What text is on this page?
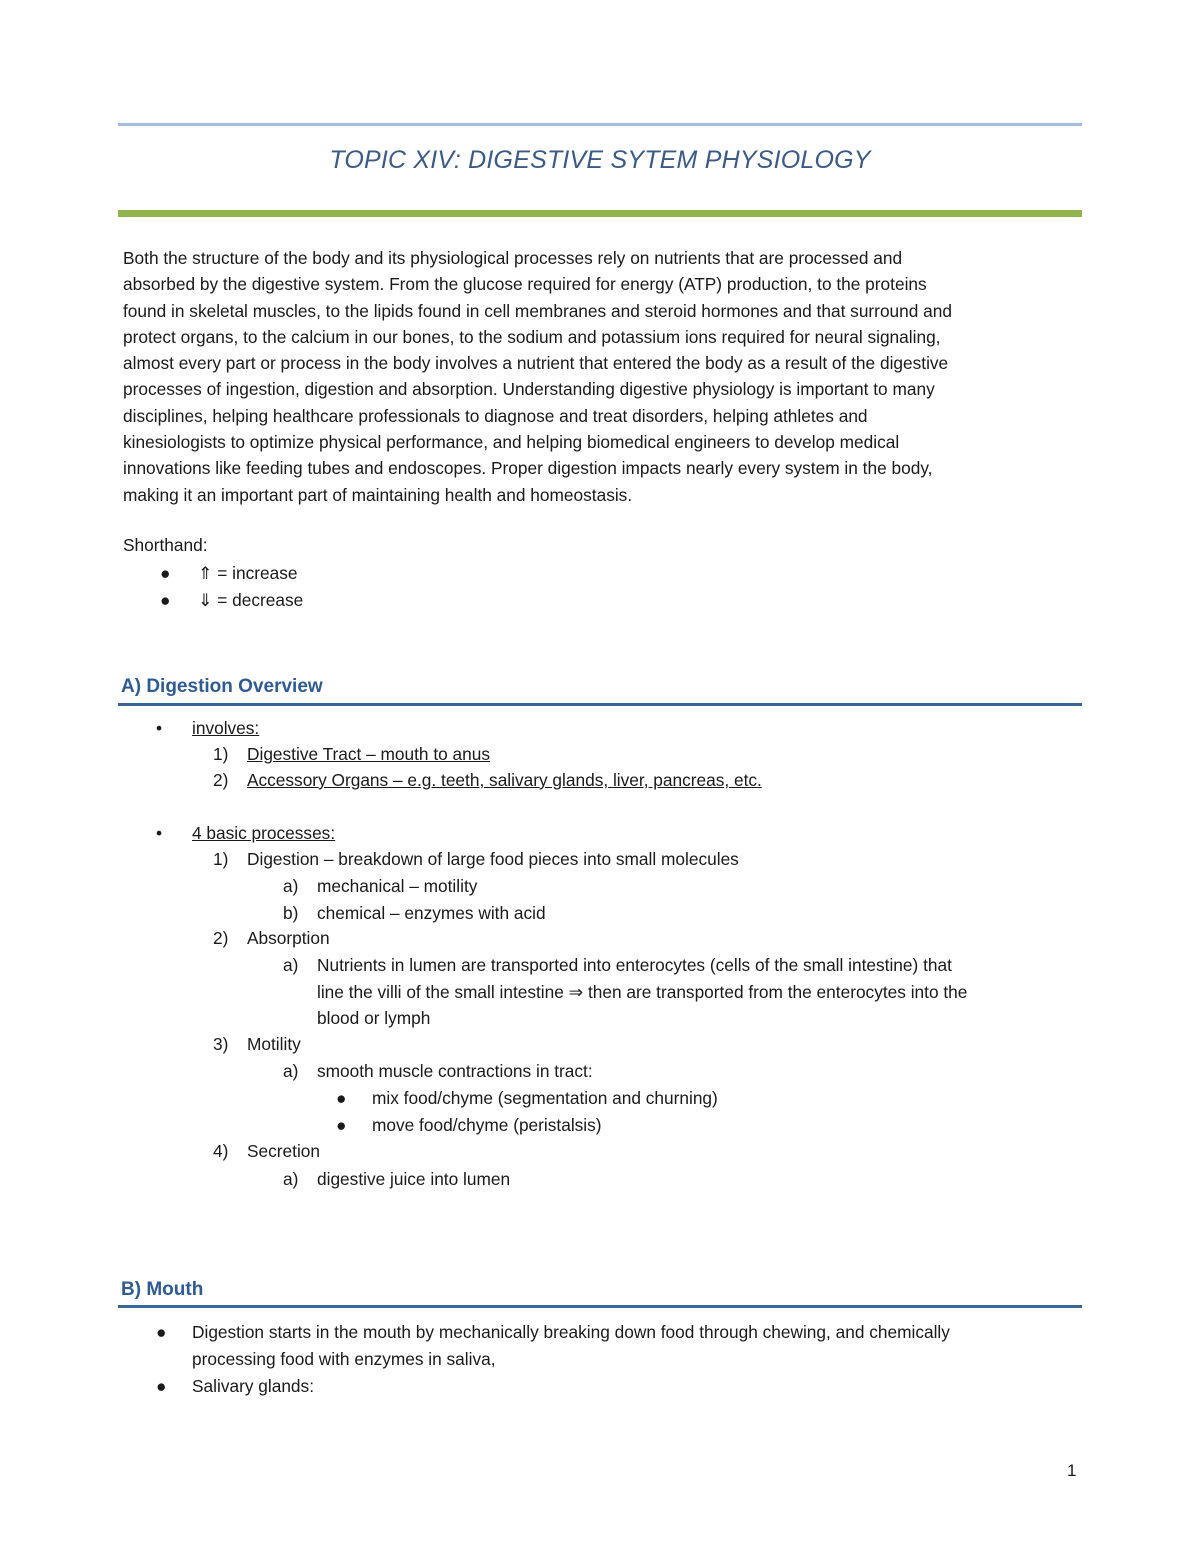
TOPIC XIV: DIGESTIVE SYTEM PHYSIOLOGY
Both the structure of the body and its physiological processes rely on nutrients that are processed and
absorbed by the digestive system. From the glucose required for energy (ATP) production, to the proteins
found in skeletal muscles, to the lipids found in cell membranes and steroid hormones and that surround and
protect organs, to the calcium in our bones, to the sodium and potassium ions required for neural signaling,
almost every part or process in the body involves a nutrient that entered the body as a result of the digestive
processes of ingestion, digestion and absorption. Understanding digestive physiology is important to many
disciplines, helping healthcare professionals to diagnose and treat disorders, helping athletes and
kinesiologists to optimize physical performance, and helping biomedical engineers to develop medical
innovations like feeding tubes and endoscopes. Proper digestion impacts nearly every system in the body,
making it an important part of maintaining health and homeostasis.
Shorthand:
●	⇑ = increase
●	⇓ = decrease
A) Digestion Overview
• involves:
1) Digestive Tract – mouth to anus
2) Accessory Organs – e.g. teeth, salivary glands, liver, pancreas, etc.
• 4 basic processes:
1) Digestion – breakdown of large food pieces into small molecules
a) mechanical – motility
b) chemical – enzymes with acid
2) Absorption
a) Nutrients in lumen are transported into enterocytes (cells of the small intestine) that
line the villi of the small intestine ⇒ then are transported from the enterocytes into the
blood or lymph
3) Motility
a) smooth muscle contractions in tract:
● mix food/chyme (segmentation and churning)
● move food/chyme (peristalsis)
4) Secretion
a) digestive juice into lumen
B) Mouth
● Digestion starts in the mouth by mechanically breaking down food through chewing, and chemically
processing food with enzymes in saliva,
● Salivary glands:
1
